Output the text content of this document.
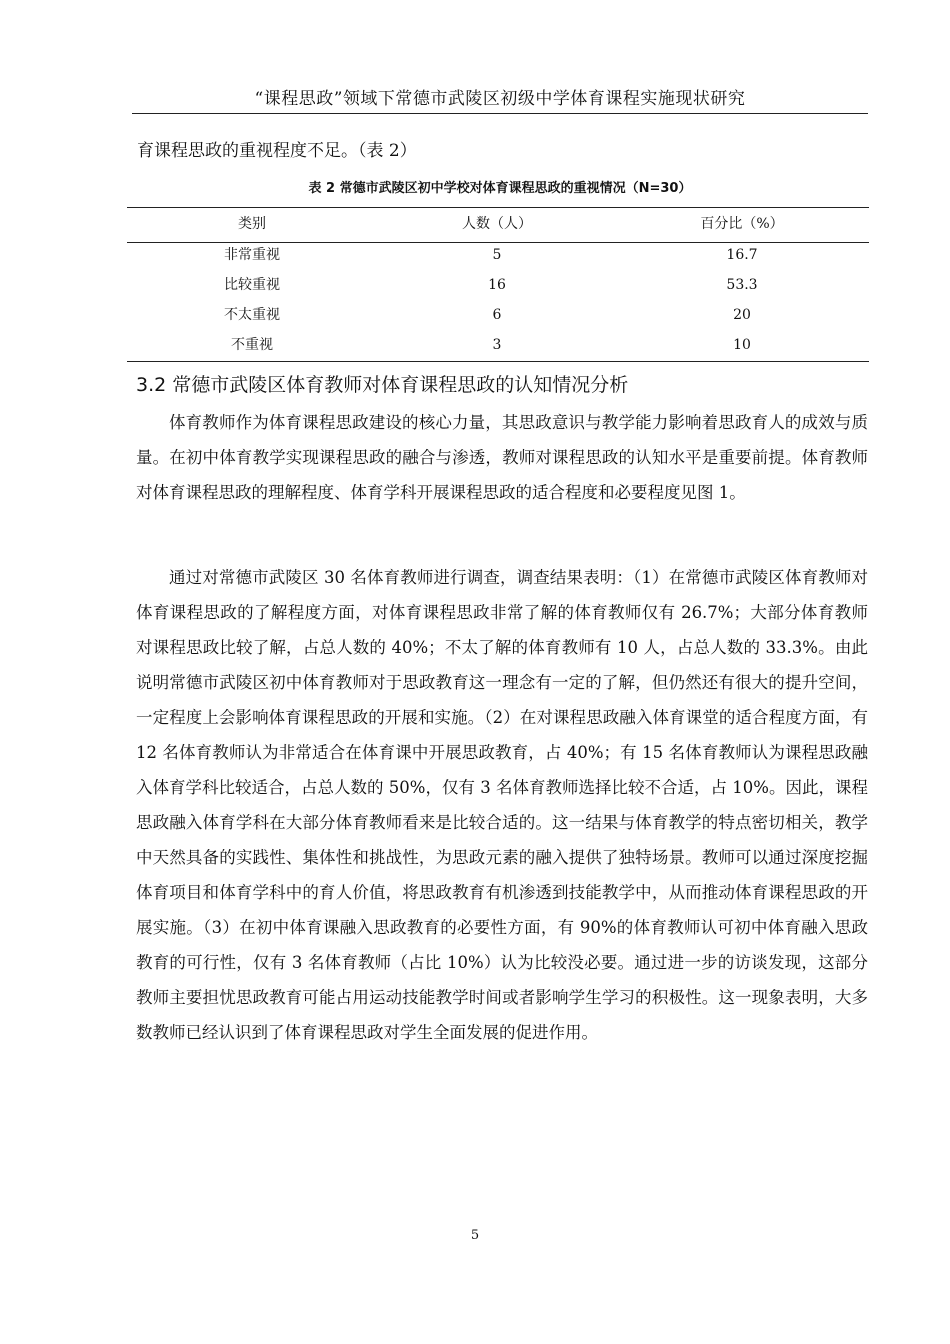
“课程思政”领域下常德市武陵区初级中学体育课程实施现状研究
育课程思政的重视程度不足。（表 2）
表 2 常德市武陵区初中学校对体育课程思政的重视情况（N=30）
类别	人数（人）	百分比（%）
非常重视	5	16.7
比较重视	16	53.3
不太重视	6	20
不重视	3	10
3.2 常德市武陵区体育教师对体育课程思政的认知情况分析

体育教师作为体育课程思政建设的核心力量，其思政意识与教学能力影响着思政育人的成效与质量。在初中体育教学实现课程思政的融合与渗透，教师对课程思政的认知水平是重要前提。体育教师对体育课程思政的理解程度、体育学科开展课程思政的适合程度和必要程度见图 1。

通过对常德市武陵区 30 名体育教师进行调查，调查结果表明：（1）在常德市武陵区体育教师对体育课程思政的了解程度方面，对体育课程思政非常了解的体育教师仅有 26.7%；大部分体育教师对课程思政比较了解，占总人数的 40%；不太了解的体育教师有 10 人，占总人数的 33.3%。由此说明常德市武陵区初中体育教师对于思政教育这一理念有一定的了解，但仍然还有很大的提升空间，一定程度上会影响体育课程思政的开展和实施。（2）在对课程思政融入体育课堂的适合程度方面，有 12 名体育教师认为非常适合在体育课中开展思政教育，占 40%；有 15 名体育教师认为课程思政融入体育学科比较适合，占总人数的 50%，仅有 3 名体育教师选择比较不合适，占 10%。因此，课程思政融入体育学科在大部分体育教师看来是比较合适的。这一结果与体育教学的特点密切相关，教学中天然具备的实践性、集体性和挑战性，为思政元素的融入提供了独特场景。教师可以通过深度挖掘体育项目和体育学科中的育人价值，将思政教育有机渗透到技能教学中，从而推动体育课程思政的开展实施。（3）在初中体育课融入思政教育的必要性方面，有 90%的体育教师认可初中体育融入思政教育的可行性，仅有 3 名体育教师（占比 10%）认为比较没必要。通过进一步的访谈发现，这部分教师主要担忧思政教育可能占用运动技能教学时间或者影响学生学习的积极性。这一现象表明，大多数教师已经认识到了体育课程思政对学生全面发展的促进作用。

5
